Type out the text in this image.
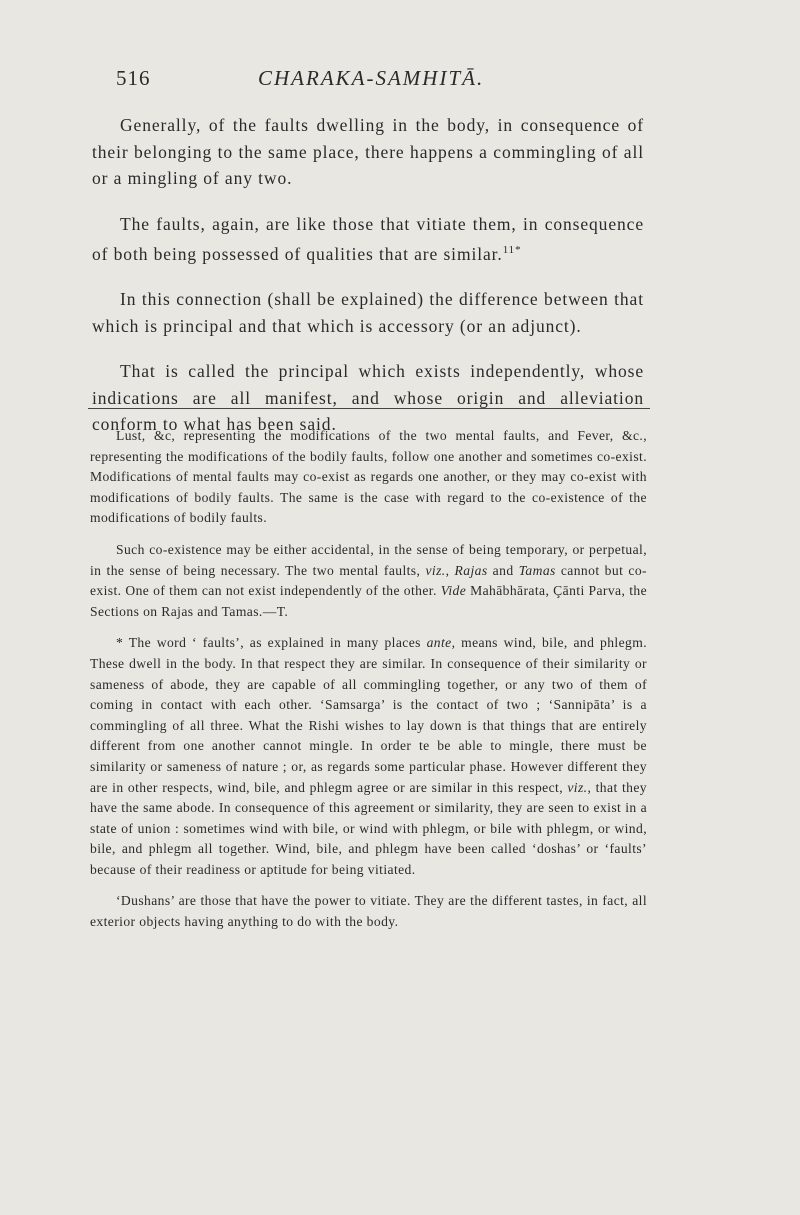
516	CHARAKA-SAMHITĀ.

Generally, of the faults dwelling in the body, in consequence of their belonging to the same place, there happens a commingling of all or a mingling of any two.

The faults, again, are like those that vitiate them, in consequence of both being possessed of qualities that are similar.$^{11*}$

In this connection (shall be explained) the difference between that which is principal and that which is accessory (or an adjunct).

That is called the principal which exists independently, whose indications are all manifest, and whose origin and alleviation conform to what has been said.

Lust, &c, representing the modifications of the two mental faults, and Fever, &c., representing the modifications of the bodily faults, follow one another and sometimes co-exist. Modifications of mental faults may co-exist as regards one another, or they may co-exist with modifications of bodily faults. The same is the case with regard to the co-existence of the modifications of bodily faults.

Such co-existence may be either accidental, in the sense of being temporary, or perpetual, in the sense of being necessary. The two mental faults, viz., Rajas and Tamas cannot but co-exist. One of them can not exist independently of the other. Vide Mahābhārata, Çānti Parva, the Sections on Rajas and Tamas.—T.

* The word ‘ faults’, as explained in many places ante, means wind, bile, and phlegm. These dwell in the body. In that respect they are similar. In consequence of their similarity or sameness of abode, they are capable of all commingling together, or any two of them of coming in contact with each other. ‘Samsarga’ is the contact of two ; ‘Sannipāta’ is a commingling of all three. What the Rishi wishes to lay down is that things that are entirely different from one another cannot mingle. In order te be able to mingle, there must be similarity or sameness of nature ; or, as regards some particular phase. However different they are in other respects, wind, bile, and phlegm agree or are similar in this respect, viz., that they have the same abode. In consequence of this agreement or similarity, they are seen to exist in a state of union : sometimes wind with bile, or wind with phlegm, or bile with phlegm, or wind, bile, and phlegm all together. Wind, bile, and phlegm have been called ‘doshas’ or ‘faults’ because of their readiness or aptitude for being vitiated.

‘Dushans’ are those that have the power to vitiate. They are the different tastes, in fact, all exterior objects having anything to do with the body.
